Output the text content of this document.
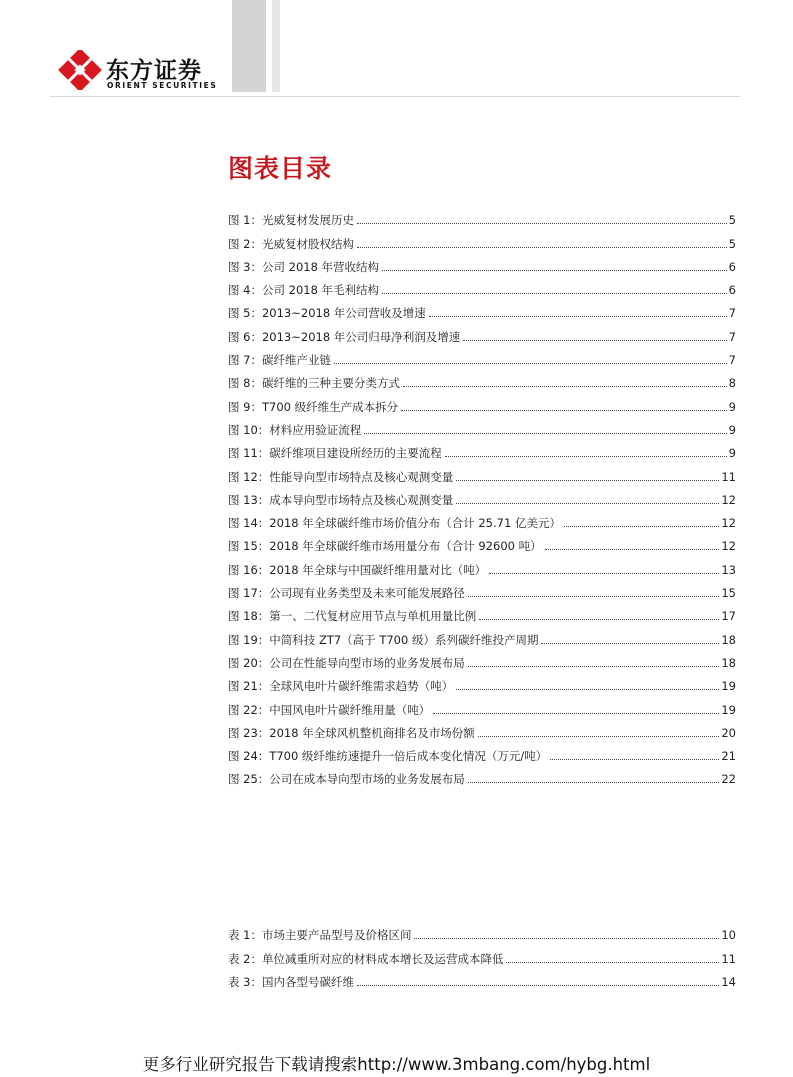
东方证券
ORIENT SECURITIES
图表目录
图 1：光威复材发展历史	5
图 2：光威复材股权结构	5
图 3：公司 2018 年营收结构	6
图 4：公司 2018 年毛利结构	6
图 5：2013~2018 年公司营收及增速	7
图 6：2013~2018 年公司归母净利润及增速	7
图 7：碳纤维产业链	7
图 8：碳纤维的三种主要分类方式	8
图 9：T700 级纤维生产成本拆分	9
图 10：材料应用验证流程	9
图 11：碳纤维项目建设所经历的主要流程	9
图 12：性能导向型市场特点及核心观测变量	11
图 13：成本导向型市场特点及核心观测变量	12
图 14：2018 年全球碳纤维市场价值分布（合计 25.71 亿美元）	12
图 15：2018 年全球碳纤维市场用量分布（合计 92600 吨）	12
图 16：2018 年全球与中国碳纤维用量对比（吨）	13
图 17：公司现有业务类型及未来可能发展路径	15
图 18：第一、二代复材应用节点与单机用量比例	17
图 19：中简科技 ZT7（高于 T700 级）系列碳纤维投产周期	18
图 20：公司在性能导向型市场的业务发展布局	18
图 21：全球风电叶片碳纤维需求趋势（吨）	19
图 22：中国风电叶片碳纤维用量（吨）	19
图 23：2018 年全球风机整机商排名及市场份额	20
图 24：T700 级纤维纺速提升一倍后成本变化情况（万元/吨）	21
图 25：公司在成本导向型市场的业务发展布局	22
表 1：市场主要产品型号及价格区间	10
表 2：单位减重所对应的材料成本增长及运营成本降低	11
表 3：国内各型号碳纤维	14
更多行业研究报告下载请搜索http://www.3mbang.com/hybg.html
